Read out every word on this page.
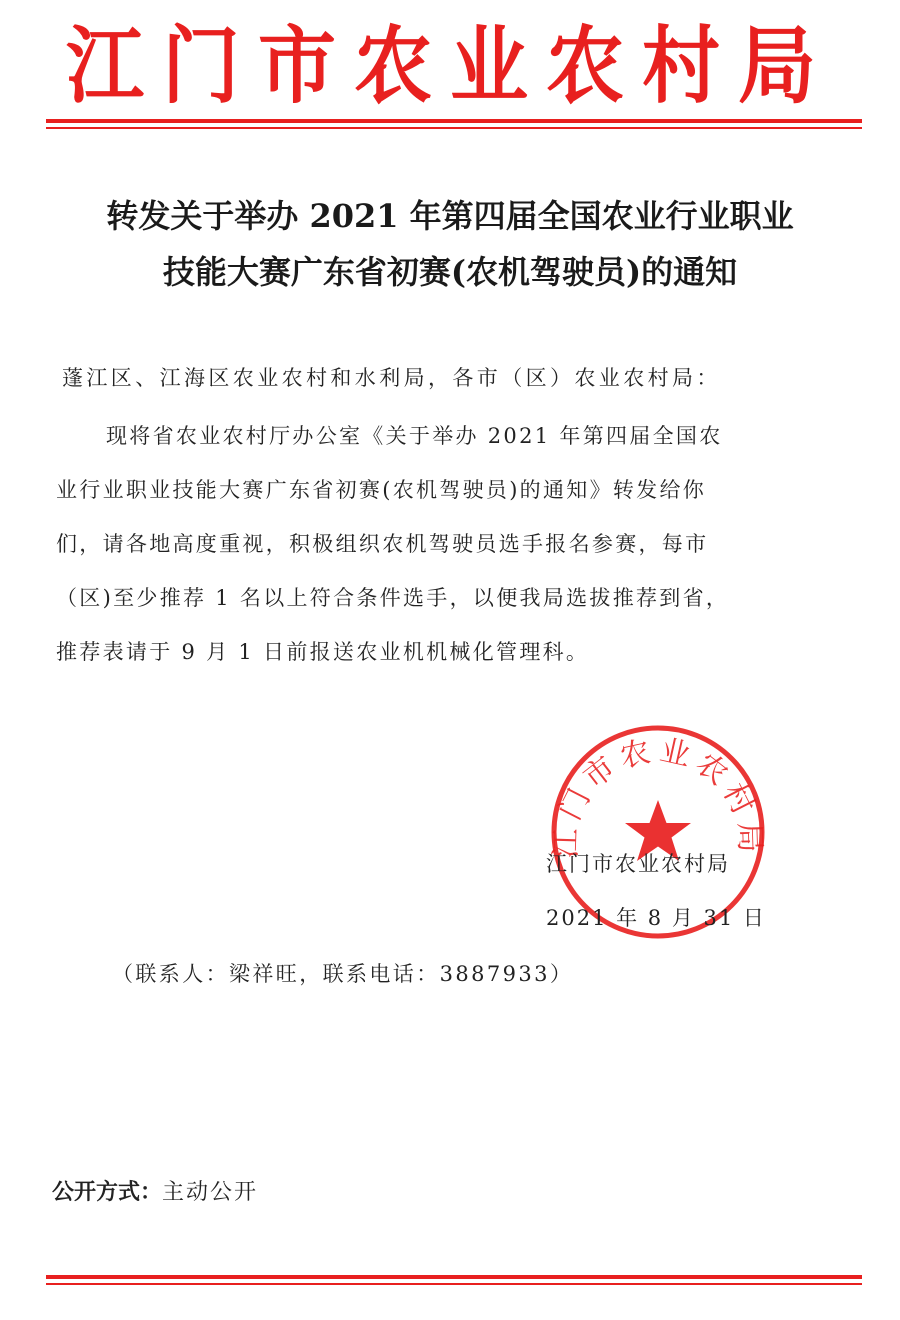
江门市农业农村局
转发关于举办 2021 年第四届全国农业行业职业
技能大赛广东省初赛(农机驾驶员)的通知
蓬江区、江海区农业农村和水利局，各市（区）农业农村局：
现将省农业农村厅办公室《关于举办 2021 年第四届全国农
业行业职业技能大赛广东省初赛(农机驾驶员)的通知》转发给你
们，请各地高度重视，积极组织农机驾驶员选手报名参赛，每市
（区)至少推荐 1 名以上符合条件选手，以便我局选拔推荐到省，
推荐表请于 9 月 1 日前报送农业机机械化管理科。
江门市农业农村局
江门市农业农村局
2021 年 8 月 31 日
（联系人：梁祥旺，联系电话：3887933）
公开方式：主动公开
